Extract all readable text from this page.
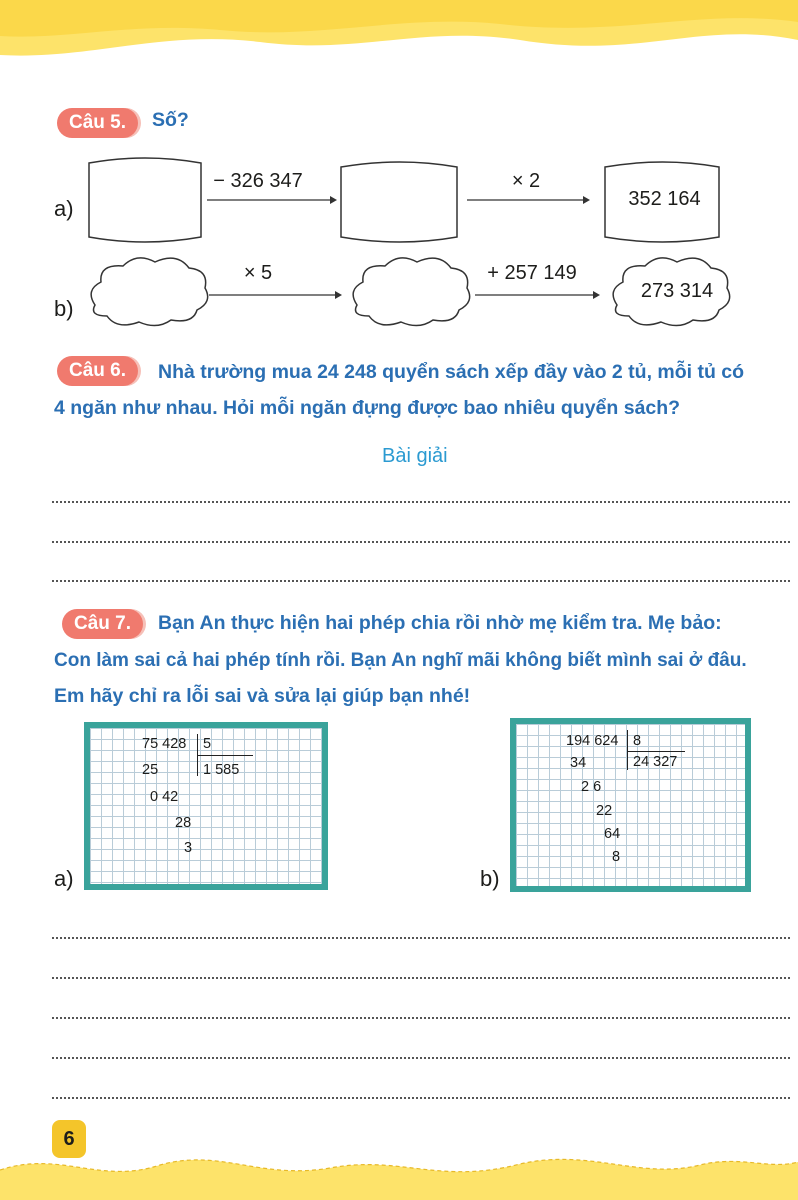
Câu 5.	Số?
a)
− 326 347	× 2
352 164
b)
× 5	+ 257 149
273 314
Câu 6.	Nhà trường mua 24 248 quyển sách xếp đầy vào 2 tủ, mỗi tủ có
4 ngăn như nhau. Hỏi mỗi ngăn đựng được bao nhiêu quyển sách?
Bài giải
Câu 7.	Bạn An thực hiện hai phép chia rồi nhờ mẹ kiểm tra. Mẹ bảo:
Con làm sai cả hai phép tính rồi. Bạn An nghĩ mãi không biết mình sai ở đâu.
Em hãy chỉ ra lỗi sai và sửa lại giúp bạn nhé!
a)
75 428 5
1 585
25
0 42
28
3
b)
194 624 8
24 327
34
2 6
22
64
8
6
